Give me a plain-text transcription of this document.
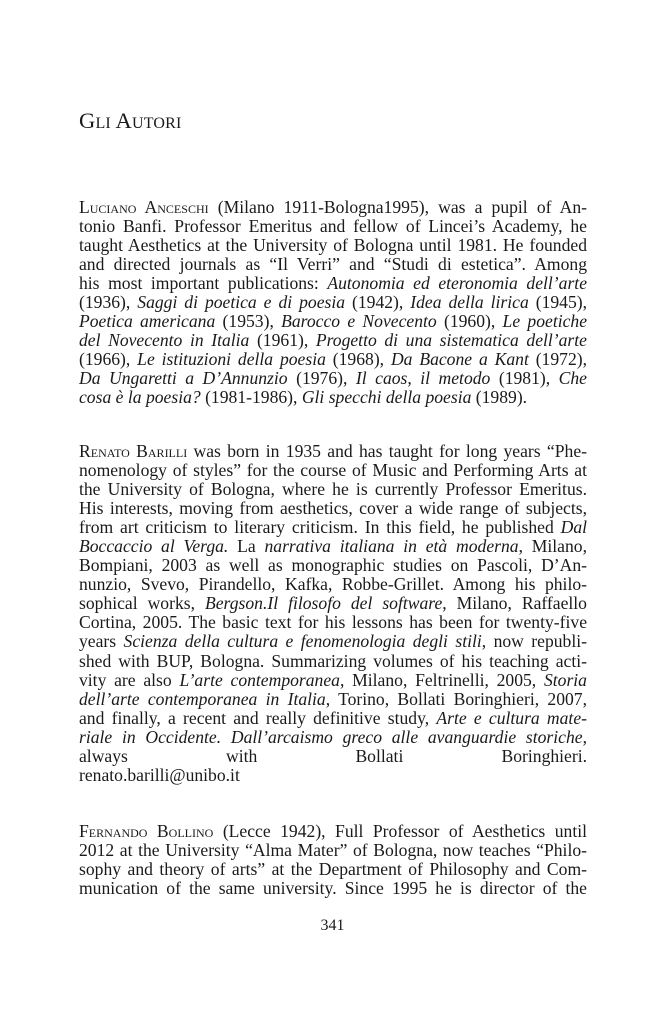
Gli Autori
Luciano Anceschi (Milano 1911-Bologna1995), was a pupil of An-
tonio Banfi. Professor Emeritus and fellow of Lincei’s Academy, he
taught Aesthetics at the University of Bologna until 1981. He founded
and directed journals as “Il Verri” and “Studi di estetica”. Among
his most important publications: Autonomia ed eteronomia dell’arte
(1936), Saggi di poetica e di poesia (1942), Idea della lirica (1945),
Poetica americana (1953), Barocco e Novecento (1960), Le poetiche
del Novecento in Italia (1961), Progetto di una sistematica dell’arte
(1966), Le istituzioni della poesia (1968), Da Bacone a Kant (1972),
Da Ungaretti a D’Annunzio (1976), Il caos, il metodo (1981), Che
cosa è la poesia? (1981-1986), Gli specchi della poesia (1989).
Renato Barilli was born in 1935 and has taught for long years “Phe-
nomenology of styles” for the course of Music and Performing Arts at
the University of Bologna, where he is currently Professor Emeritus.
His interests, moving from aesthetics, cover a wide range of subjects,
from art criticism to literary criticism. In this field, he published Dal
Boccaccio al Verga. La narrativa italiana in età moderna, Milano,
Bompiani, 2003 as well as monographic studies on Pascoli, D’An-
nunzio, Svevo, Pirandello, Kafka, Robbe-Grillet. Among his philo-
sophical works, Bergson.Il filosofo del software, Milano, Raffaello
Cortina, 2005. The basic text for his lessons has been for twenty-five
years Scienza della cultura e fenomenologia degli stili, now republi-
shed with BUP, Bologna. Summarizing volumes of his teaching acti-
vity are also L’arte contemporanea, Milano, Feltrinelli, 2005, Storia
dell’arte contemporanea in Italia, Torino, Bollati Boringhieri, 2007,
and finally, a recent and really definitive study, Arte e cultura mate-
riale in Occidente. Dall’arcaismo greco alle avanguardie storiche,
always with Bollati Boringhieri.
renato.barilli@unibo.it
Fernando Bollino (Lecce 1942), Full Professor of Aesthetics until
2012 at the University “Alma Mater” of Bologna, now teaches “Philo-
sophy and theory of arts” at the Department of Philosophy and Com-
munication of the same university. Since 1995 he is director of the
341
